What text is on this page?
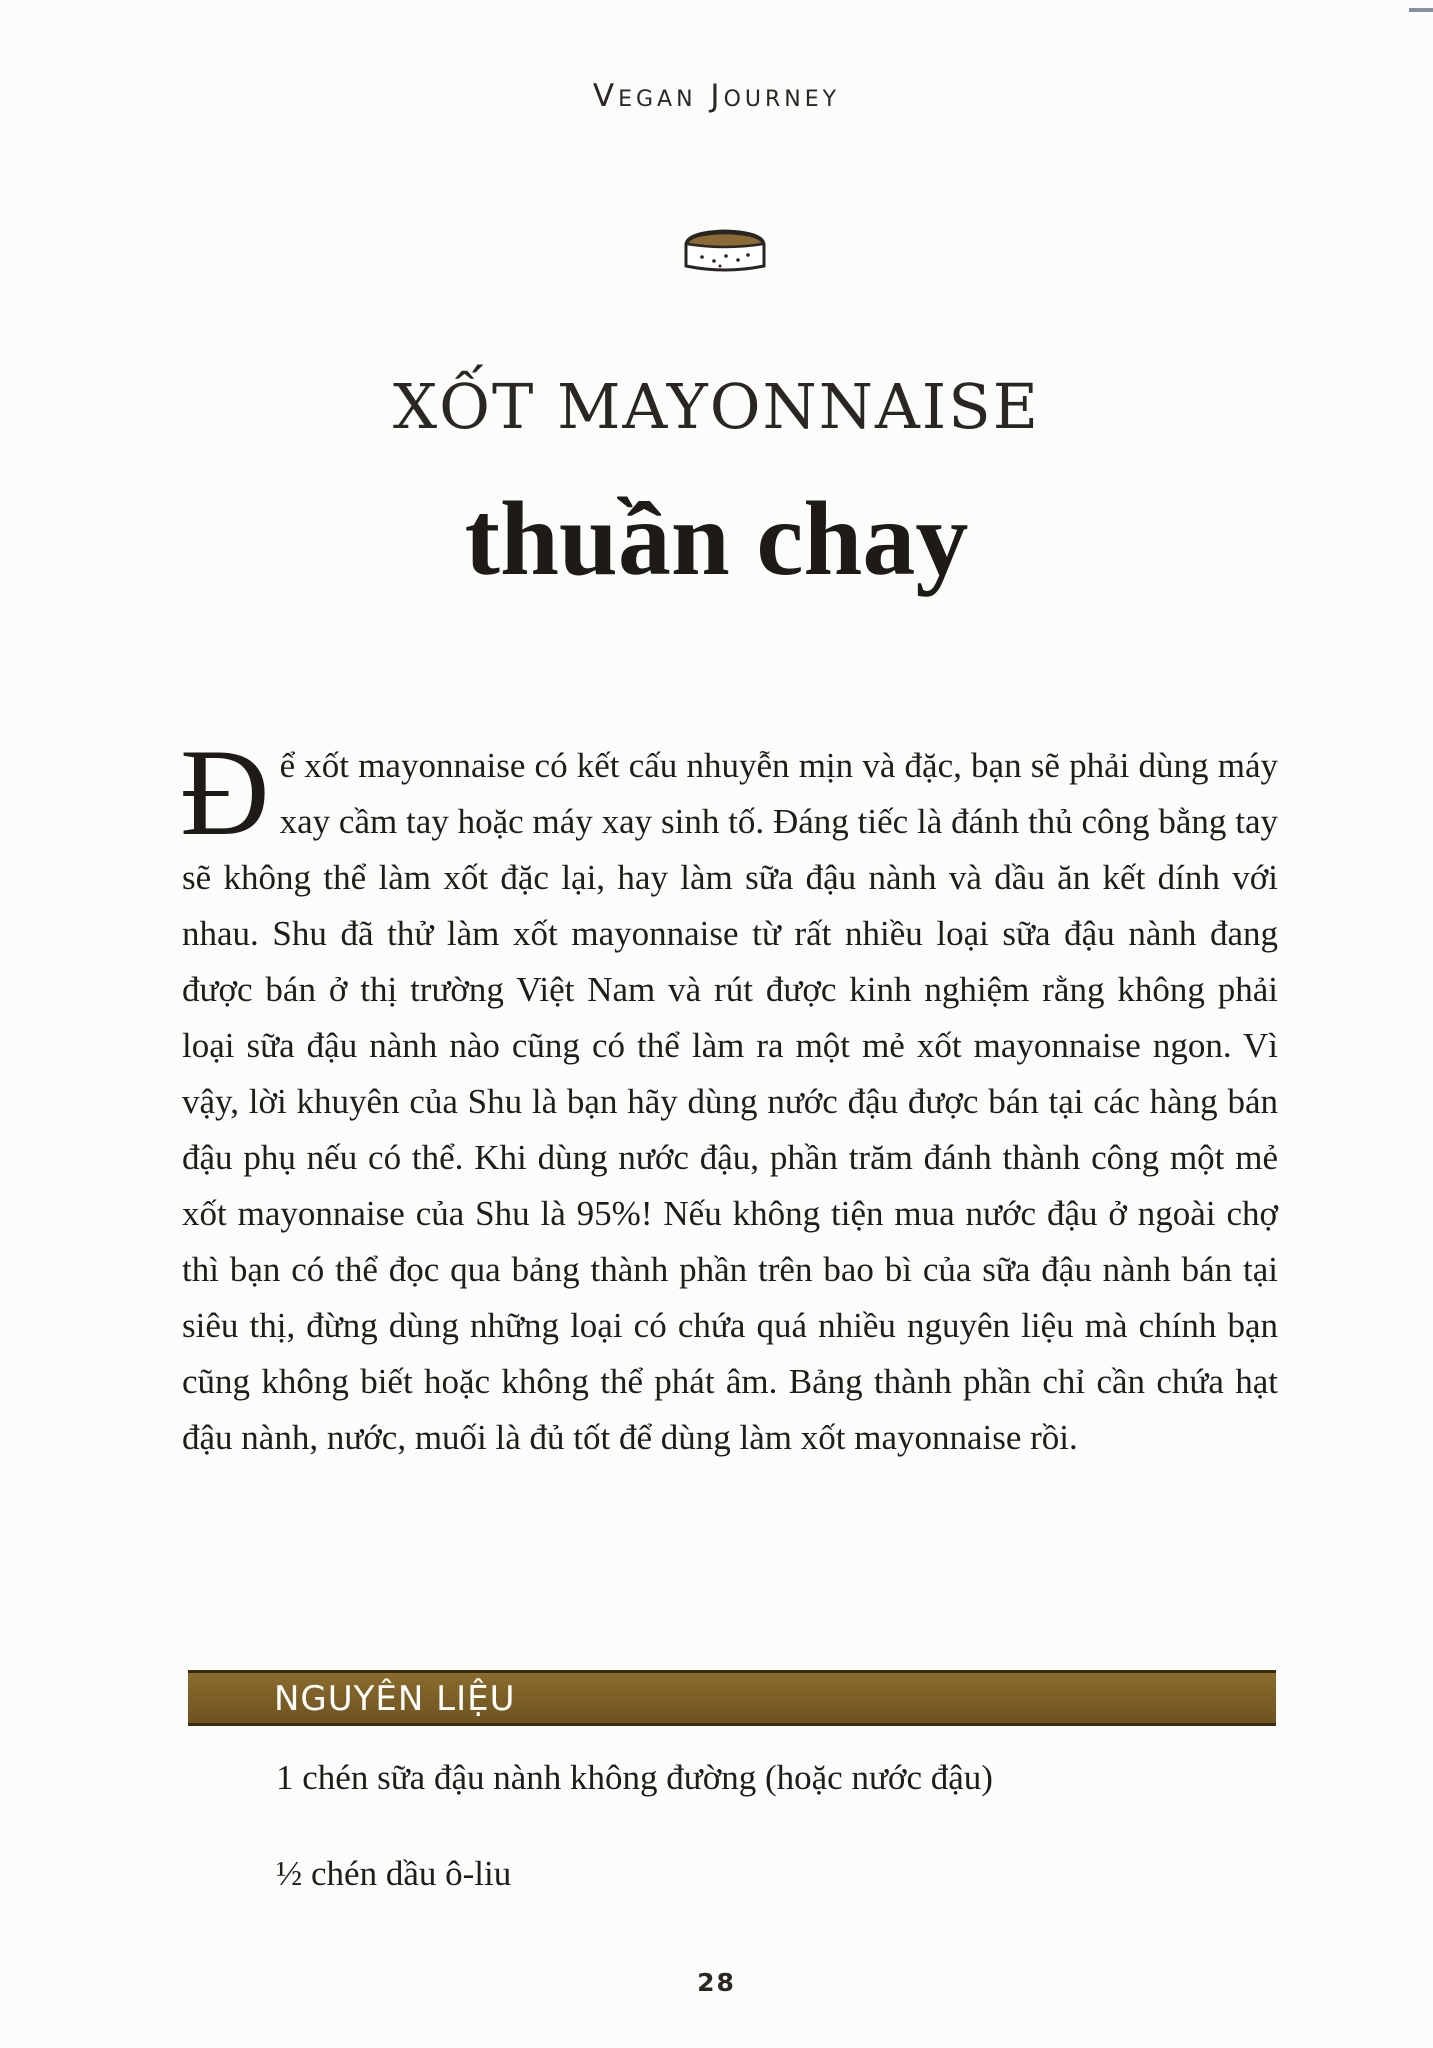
Vegan Journey
XỐT MAYONNAISE
thuần chay
Để xốt mayonnaise có kết cấu nhuyễn mịn và đặc, bạn sẽ phải dùng máy xay cầm tay hoặc máy xay sinh tố. Đáng tiếc là đánh thủ công bằng tay sẽ không thể làm xốt đặc lại, hay làm sữa đậu nành và dầu ăn kết dính với nhau. Shu đã thử làm xốt mayonnaise từ rất nhiều loại sữa đậu nành đang được bán ở thị trường Việt Nam và rút được kinh nghiệm rằng không phải loại sữa đậu nành nào cũng có thể làm ra một mẻ xốt mayonnaise ngon. Vì vậy, lời khuyên của Shu là bạn hãy dùng nước đậu được bán tại các hàng bán đậu phụ nếu có thể. Khi dùng nước đậu, phần trăm đánh thành công một mẻ xốt mayonnaise của Shu là 95%! Nếu không tiện mua nước đậu ở ngoài chợ thì bạn có thể đọc qua bảng thành phần trên bao bì của sữa đậu nành bán tại siêu thị, đừng dùng những loại có chứa quá nhiều nguyên liệu mà chính bạn cũng không biết hoặc không thể phát âm. Bảng thành phần chỉ cần chứa hạt đậu nành, nước, muối là đủ tốt để dùng làm xốt mayonnaise rồi.
NGUYÊN LIỆU
1 chén sữa đậu nành không đường (hoặc nước đậu)
½ chén dầu ô-liu
28
